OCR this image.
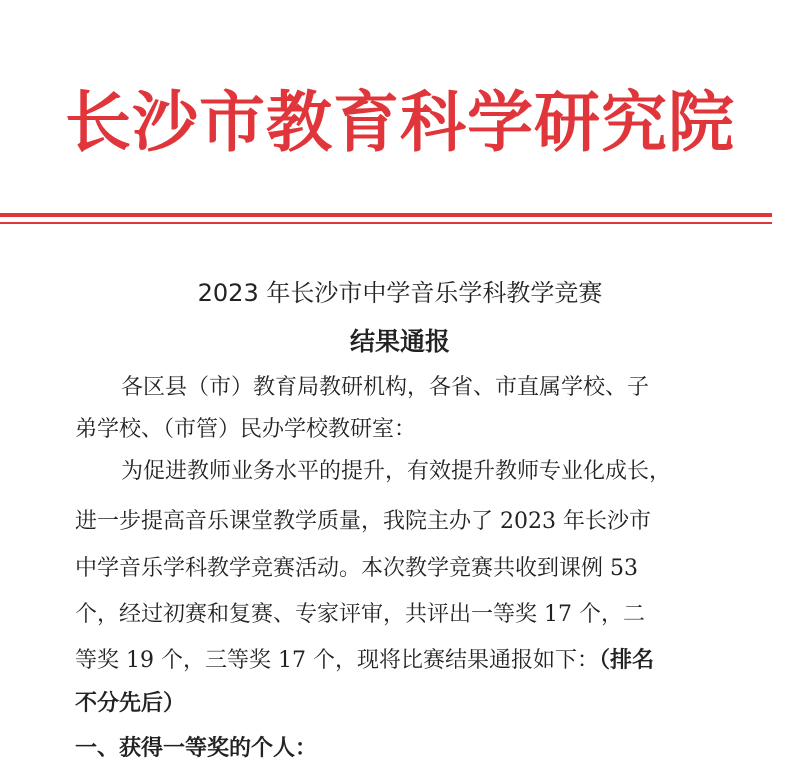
长沙市教育科学研究院
2023 年长沙市中学音乐学科教学竞赛
结果通报
各区县（市）教育局教研机构，各省、市直属学校、子
弟学校、（市管）民办学校教研室：
为促进教师业务水平的提升，有效提升教师专业化成长，
进一步提高音乐课堂教学质量，我院主办了 2023 年长沙市
中学音乐学科教学竞赛活动。本次教学竞赛共收到课例 53
个，经过初赛和复赛、专家评审，共评出一等奖 17 个，二
等奖 19 个，三等奖 17 个，现将比赛结果通报如下：（排名
不分先后）
一、获得一等奖的个人：
